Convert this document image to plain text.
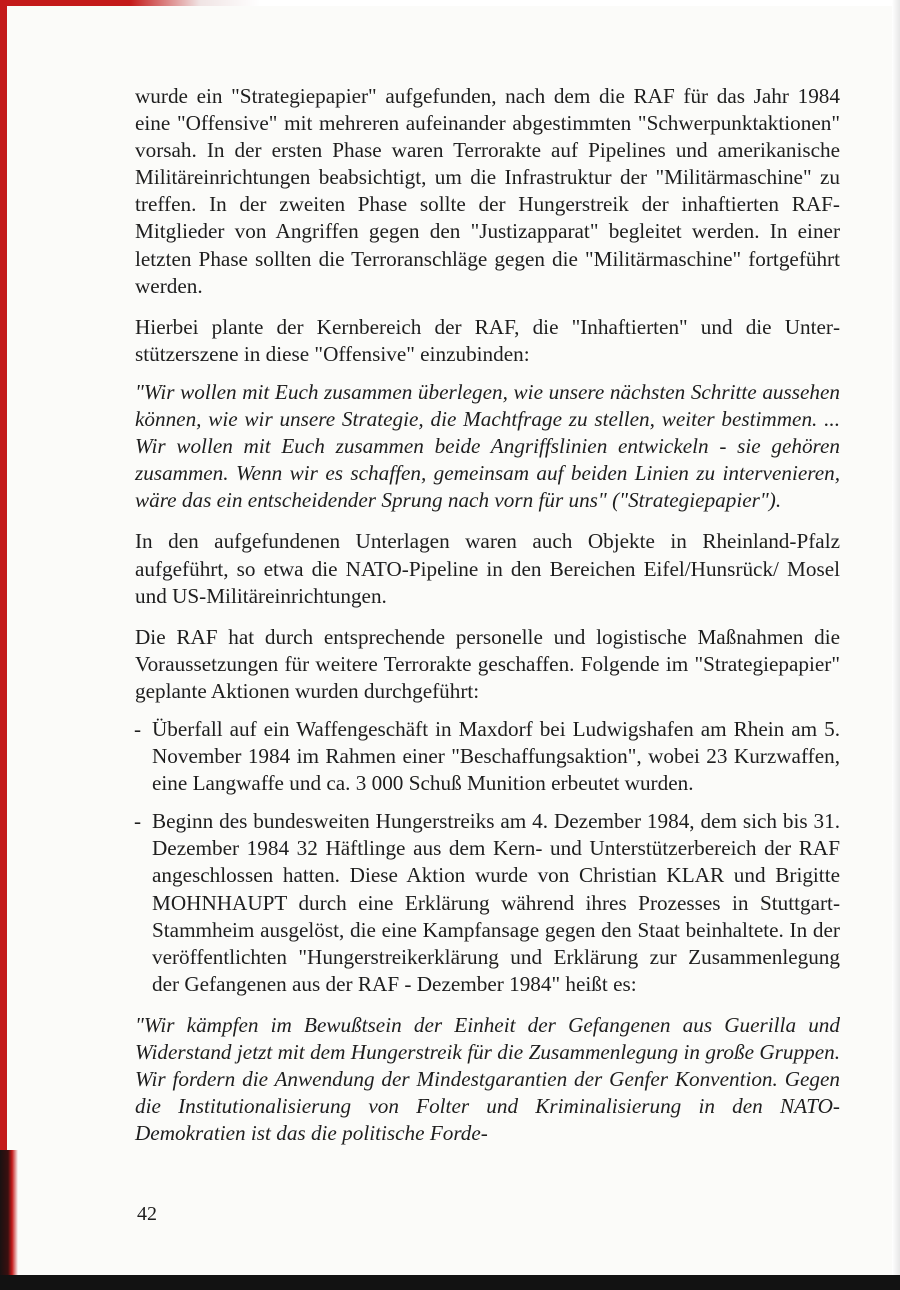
wurde ein "Strategiepapier" aufgefunden, nach dem die RAF für das Jahr 1984 eine "Offensive" mit mehreren aufeinander abgestimmten "Schwerpunktaktionen" vorsah. In der ersten Phase waren Terrorakte auf Pipelines und amerikanische Militäreinrichtungen beabsichtigt, um die Infrastruktur der "Militärmaschine" zu treffen. In der zweiten Phase sollte der Hungerstreik der inhaftierten RAF-Mitglieder von Angriffen gegen den "Justizapparat" begleitet werden. In einer letzten Phase sollten die Terroranschläge gegen die "Militärmaschine" fortgeführt werden.

Hierbei plante der Kernbereich der RAF, die "Inhaftierten" und die Unterstützerszene in diese "Offensive" einzubinden:

"Wir wollen mit Euch zusammen überlegen, wie unsere nächsten Schritte aussehen können, wie wir unsere Strategie, die Machtfrage zu stellen, weiter bestimmen. ... Wir wollen mit Euch zusammen beide Angriffslinien entwickeln - sie gehören zusammen. Wenn wir es schaffen, gemeinsam auf beiden Linien zu intervenieren, wäre das ein entscheidender Sprung nach vorn für uns" ("Strategiepapier").

In den aufgefundenen Unterlagen waren auch Objekte in Rheinland-Pfalz aufgeführt, so etwa die NATO-Pipeline in den Bereichen Eifel/Hunsrück/ Mosel und US-Militäreinrichtungen.

Die RAF hat durch entsprechende personelle und logistische Maßnahmen die Voraussetzungen für weitere Terrorakte geschaffen. Folgende im "Strategiepapier" geplante Aktionen wurden durchgeführt:

- Überfall auf ein Waffengeschäft in Maxdorf bei Ludwigshafen am Rhein am 5. November 1984 im Rahmen einer "Beschaffungsaktion", wobei 23 Kurzwaffen, eine Langwaffe und ca. 3 000 Schuß Munition erbeutet wurden.
- Beginn des bundesweiten Hungerstreiks am 4. Dezember 1984, dem sich bis 31. Dezember 1984 32 Häftlinge aus dem Kern- und Unterstützerbereich der RAF angeschlossen hatten. Diese Aktion wurde von Christian KLAR und Brigitte MOHNHAUPT durch eine Erklärung während ihres Prozesses in Stuttgart-Stammheim ausgelöst, die eine Kampfansage gegen den Staat beinhaltete. In der veröffentlichten "Hungerstreikerklärung und Erklärung zur Zusammenlegung der Gefangenen aus der RAF - Dezember 1984" heißt es:

"Wir kämpfen im Bewußtsein der Einheit der Gefangenen aus Guerilla und Widerstand jetzt mit dem Hungerstreik für die Zusammenlegung in große Gruppen. Wir fordern die Anwendung der Mindestgarantien der Genfer Konvention. Gegen die Institutionalisierung von Folter und Kriminalisierung in den NATO-Demokratien ist das die politische Forde-

42
